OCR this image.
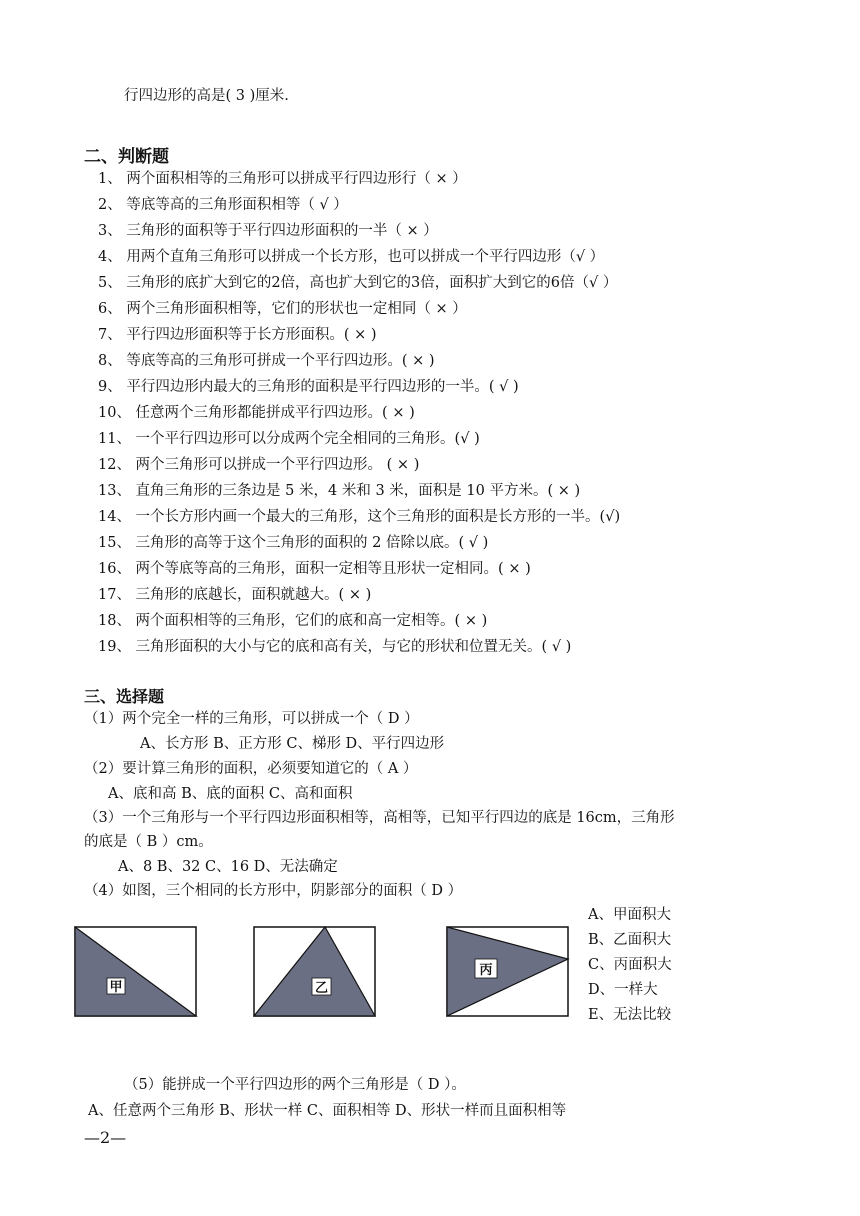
行四边形的高是( 3 )厘米.
二、判断题
1、 两个面积相等的三角形可以拼成平行四边形行（ × ）
2、 等底等高的三角形面积相等（ √ ）
3、 三角形的面积等于平行四边形面积的一半（ × ）
4、 用两个直角三角形可以拼成一个长方形，也可以拼成一个平行四边形（√ ）
5、 三角形的底扩大到它的2倍，高也扩大到它的3倍，面积扩大到它的6倍（√ ）
6、 两个三角形面积相等，它们的形状也一定相同（ × ）
7、 平行四边形面积等于长方形面积。( × )
8、 等底等高的三角形可拼成一个平行四边形。( × )
9、 平行四边形内最大的三角形的面积是平行四边形的一半。( √ )
10、 任意两个三角形都能拼成平行四边形。( × )
11、 一个平行四边形可以分成两个完全相同的三角形。(√ )
12、 两个三角形可以拼成一个平行四边形。 ( × )
13、 直角三角形的三条边是 5 米，4 米和 3 米，面积是 10 平方米。( × )
14、 一个长方形内画一个最大的三角形，这个三角形的面积是长方形的一半。(√)
15、 三角形的高等于这个三角形的面积的 2 倍除以底。( √ )
16、 两个等底等高的三角形，面积一定相等且形状一定相同。( × )
17、 三角形的底越长，面积就越大。( × )
18、 两个面积相等的三角形，它们的底和高一定相等。( × )
19、 三角形面积的大小与它的底和高有关，与它的形状和位置无关。( √ )
三、选择题
（1）两个完全一样的三角形，可以拼成一个（ D ）
A、长方形 B、正方形 C、梯形 D、平行四边形
（2）要计算三角形的面积，必须要知道它的（ A ）
A、底和高 B、底的面积 C、高和面积
（3）一个三角形与一个平行四边形面积相等，高相等，已知平行四边的底是 16cm，三角形
的底是（ B ）cm。
A、8 B、32 C、16 D、无法确定
（4）如图，三个相同的长方形中，阴影部分的面积（ D ）
甲	乙
丙
A、甲面积大
B、乙面积大
C、丙面积大
D、一样大
E、无法比较
（5）能拼成一个平行四边形的两个三角形是（ D ）。
A、任意两个三角形 B、形状一样 C、面积相等 D、形状一样而且面积相等
—2—
